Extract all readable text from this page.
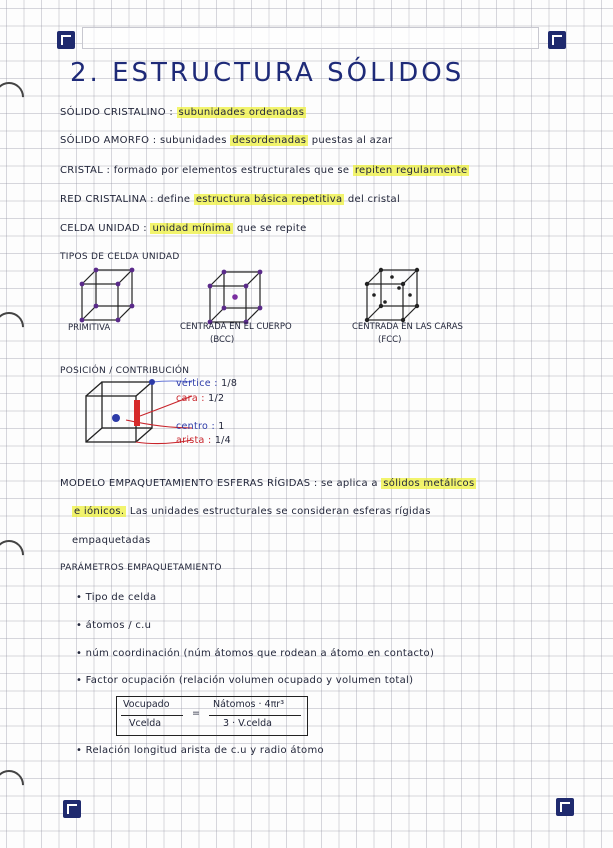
2. ESTRUCTURA SÓLIDOS
SÓLIDO CRISTALINO : subunidades ordenadas
SÓLIDO AMORFO : subunidades desordenadas puestas al azar
CRISTAL : formado por elementos estructurales que se repiten regularmente
RED CRISTALINA : define estructura básica repetitiva del cristal
CELDA UNIDAD : unidad mínima que se repite
TIPOS DE CELDA UNIDAD
PRIMITIVA	CENTRADA EN EL CUERPO
(BCC)
CENTRADA EN LAS CARAS
(FCC)
POSICIÓN / CONTRIBUCIÓN
vértice : 1/8
cara : 1/2
centro : 1
arista : 1/4
MODELO EMPAQUETAMIENTO ESFERAS RÍGIDAS : se aplica a sólidos metálicos
e iónicos. Las unidades estructurales se consideran esferas rígidas
empaquetadas
PARÁMETROS EMPAQUETAMIENTO
• Tipo de celda
• átomos / c.u
• núm coordinación (núm átomos que rodean a átomo en contacto)
• Factor ocupación (relación volumen ocupado y volumen total)
Vocupado
Vcelda
=
Nátomos · 4πr³
3 · V.celda
• Relación longitud arista de c.u y radio átomo
